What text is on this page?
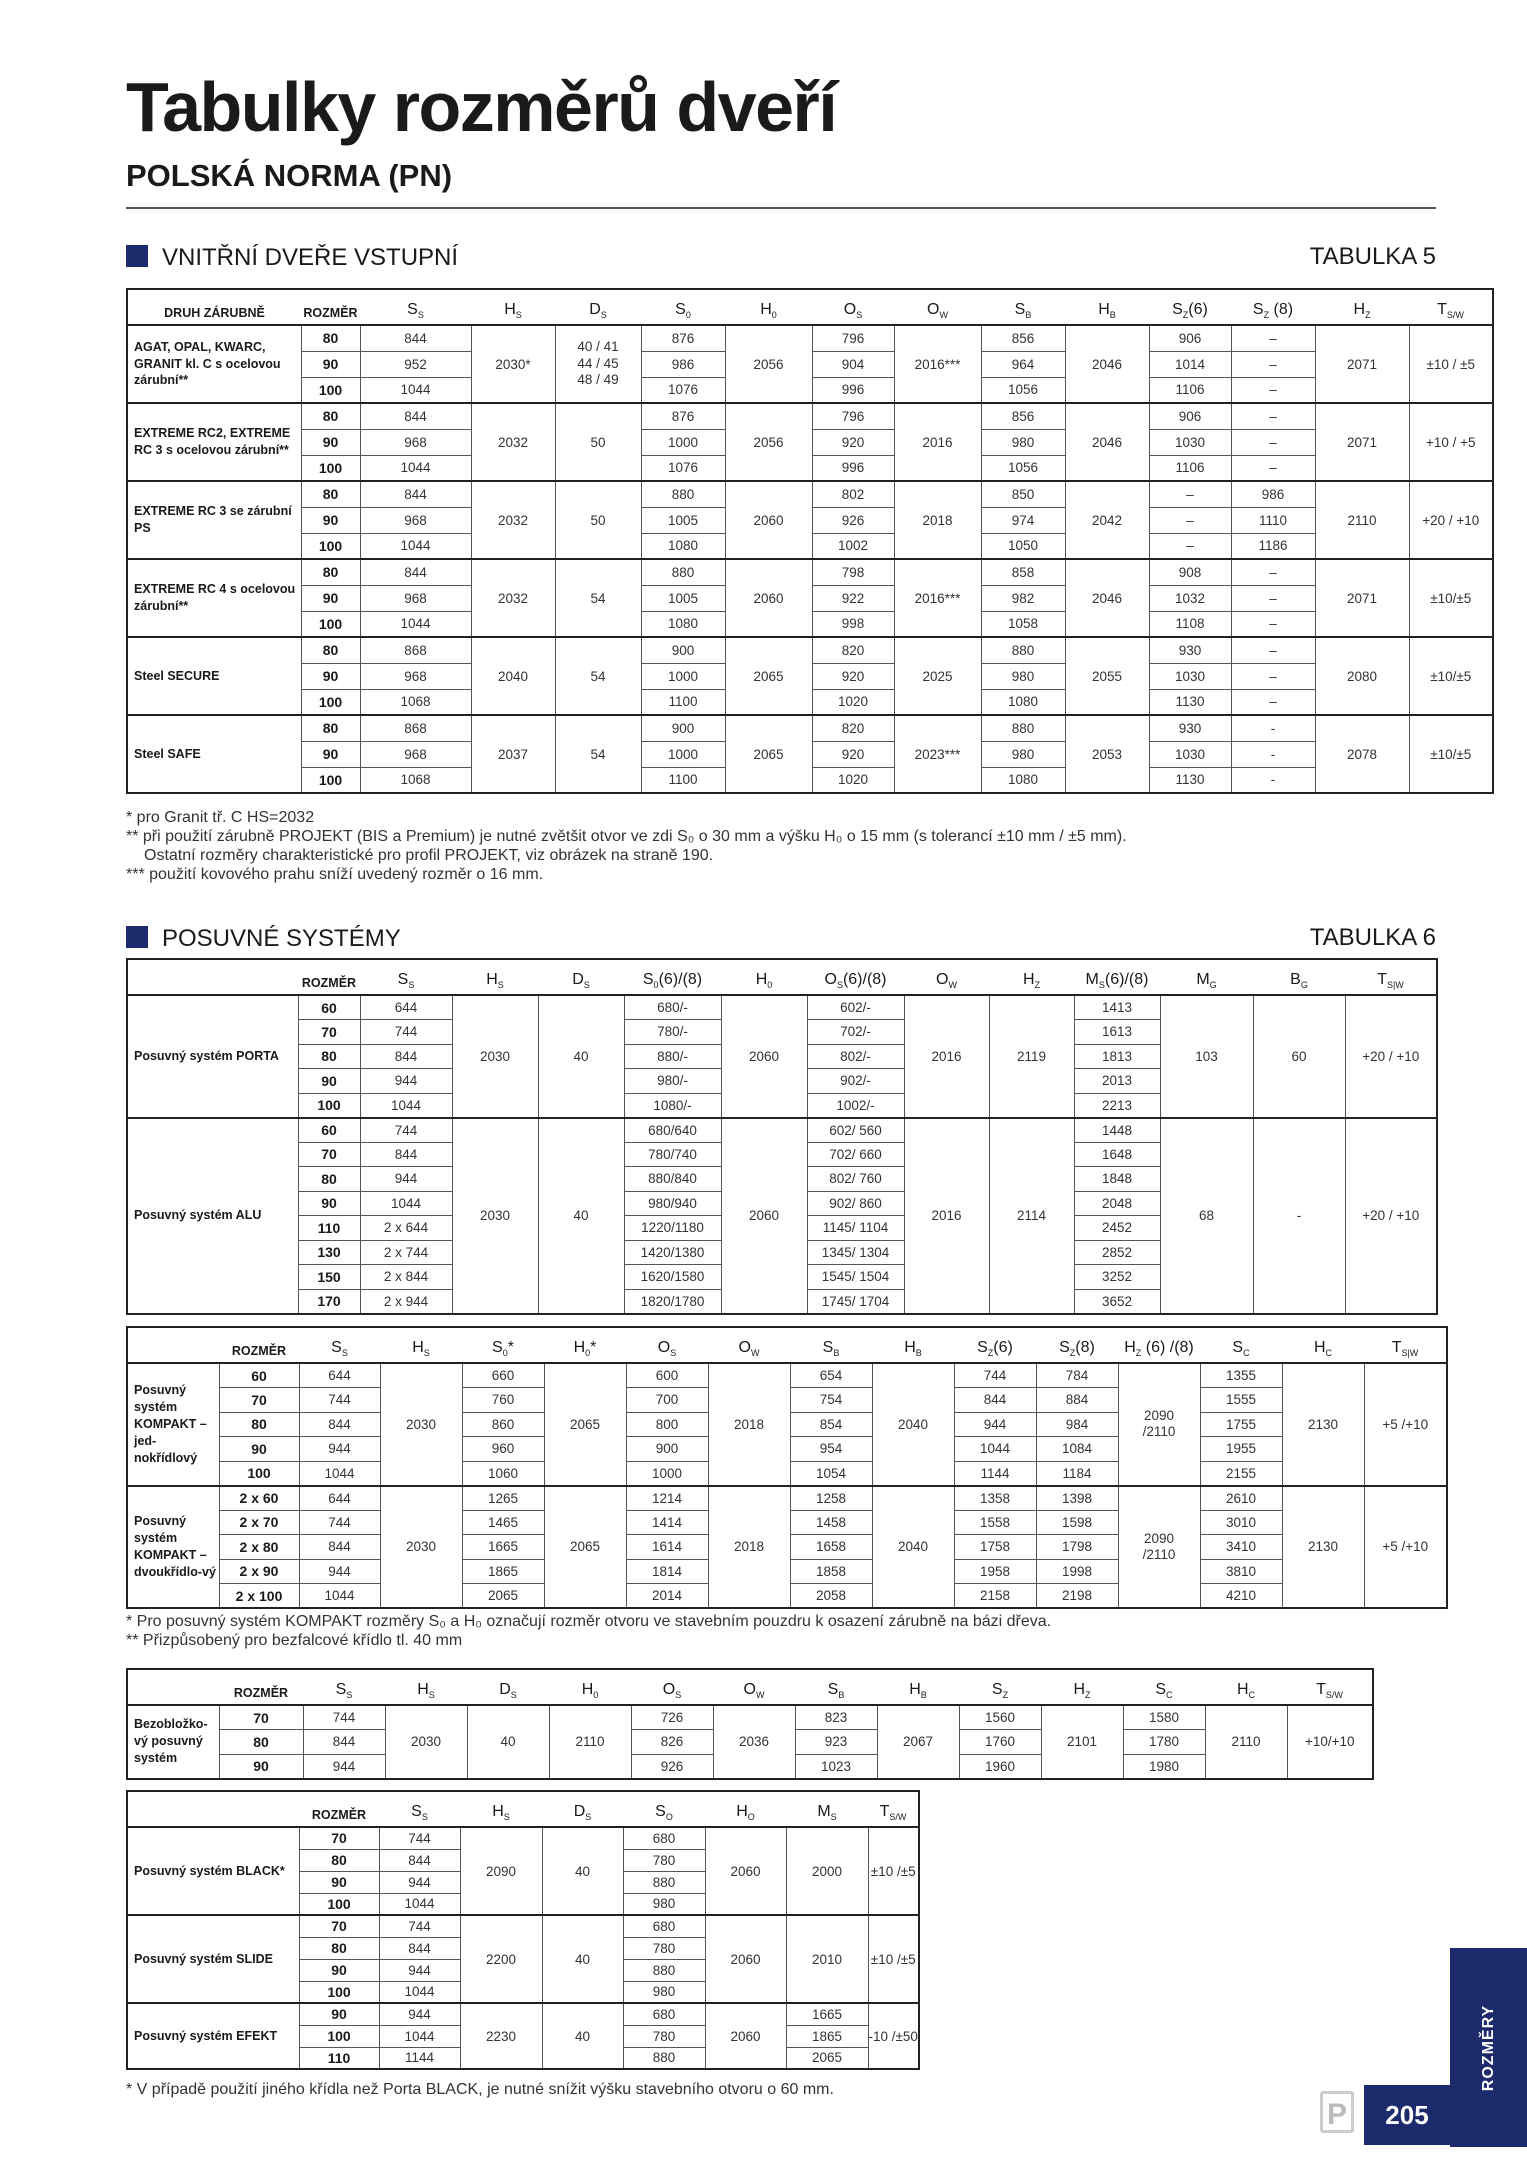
Tabulky rozměrů dveří
POLSKÁ NORMA (PN)
VNITŘNÍ DVEŘE VSTUPNÍ	TABULKA 5
DRUH ZÁRUBNĚ	ROZMĚR	$S_S$	$H_S$	$D_S$	$S_0$	$H_0$	$O_S$	$O_W$	$S_B$	$H_B$	$S_Z(6)$	$S_Z$ (8)	$H_Z$	$T_{S/W}$
AGAT, OPAL, KWARC, GRANIT kl. C s ocelovou zárubní**	80	844	2030*	40 / 41
44 / 45
48 / 49	876	2056	796	2016***	856	2046	906	–	2071	±10 / ±5
	90	952			986		904		964		1014	–		
	100	1044			1076		996		1056		1106	–		
EXTREME RC2, EXTREME RC 3 s ocelovou zárubní**	80	844	2032	50	876	2056	796	2016	856	2046	906	–	2071	+10 / +5
	90	968			1000		920		980		1030	–		
	100	1044			1076		996		1056		1106	–		
EXTREME RC 3 se zárubní PS	80	844	2032	50	880	2060	802	2018	850	2042	–	986	2110	+20 / +10
	90	968			1005		926		974		–	1110		
	100	1044			1080		1002		1050		–	1186		
EXTREME RC 4 s ocelovou zárubní**	80	844	2032	54	880	2060	798	2016***	858	2046	908	–	2071	±10/±5
	90	968			1005		922		982		1032	–		
	100	1044			1080		998		1058		1108	–		
Steel SECURE	80	868	2040	54	900	2065	820	2025	880	2055	930	–	2080	±10/±5
	90	968			1000		920		980		1030	–		
	100	1068			1100		1020		1080		1130	–		
Steel SAFE	80	868	2037	54	900	2065	820	2023***	880	2053	930	-	2078	±10/±5
	90	968			1000		920		980		1030	-		
	100	1068			1100		1020		1080		1130	-		
* pro Granit tř. C HS=2032
** při použití zárubně PROJEKT (BIS a Premium) je nutné zvětšit otvor ve zdi S₀ o 30 mm a výšku H₀ o 15 mm (s tolerancí ±10 mm / ±5 mm).
Ostatní rozměry charakteristické pro profil PROJEKT, viz obrázek na straně 190.
*** použití kovového prahu sníží uvedený rozměr o 16 mm.
POSUVNÉ SYSTÉMY	TABULKA 6
	ROZMĚR	$S_S$	$H_S$	$D_S$	$S_0(6)/(8)$	$H_0$	$O_S(6)/(8)$	$O_W$	$H_Z$	$M_S(6)/(8)$	$M_G$	$B_G$	$T_{S|W}$
Posuvný systém PORTA	60	644	2030	40	680/-	2060	602/-	2016	2119	1413	103	60	+20 / +10
	70	744			780/-		702/-			1613			
	80	844			880/-		802/-			1813			
	90	944			980/-		902/-			2013			
	100	1044			1080/-		1002/-			2213			
Posuvný systém ALU	60	744	2030	40	680/640	2060	602/ 560	2016	2114	1448	68	-	+20 / +10
	70	844			780/740		702/ 660			1648			
	80	944			880/840		802/ 760			1848			
	90	1044			980/940		902/ 860			2048			
	110	2 x 644			1220/1180		1145/ 1104			2452			
	130	2 x 744			1420/1380		1345/ 1304			2852			
	150	2 x 844			1620/1580		1545/ 1504			3252			
	170	2 x 944			1820/1780		1745/ 1704			3652			
	ROZMĚR	$S_S$	$H_S$	$S_0*$	$H_0*$	$O_S$	$O_W$	$S_B$	$H_B$	$S_Z(6)$	$S_Z(8)$	$H_Z$ (6) /(8)	$S_C$	$H_C$	$T_{S|W}$
Posuvný systém KOMPAKT – jed-nokřídlový	60	644	2030	660	2065	600	2018	654	2040	744	784	2090
/2110	1355	2130	+5 /+10
	70	744		760		700		754		844	884		1555		
	80	844		860		800		854		944	984		1755		
	90	944		960		900		954		1044	1084		1955		
	100	1044		1060		1000		1054		1144	1184		2155		
Posuvný systém KOMPAKT – dvoukřídlo-vý	2 x 60	644	2030	1265	2065	1214	2018	1258	2040	1358	1398	2090
/2110	2610	2130	+5 /+10
	2 x 70	744		1465		1414		1458		1558	1598		3010		
	2 x 80	844		1665		1614		1658		1758	1798		3410		
	2 x 90	944		1865		1814		1858		1958	1998		3810		
	2 x 100	1044		2065		2014		2058		2158	2198		4210		
* Pro posuvný systém KOMPAKT rozměry S₀ a H₀ označují rozměr otvoru ve stavebním pouzdru k osazení zárubně na bázi dřeva.
** Přizpůsobený pro bezfalcové křídlo tl. 40 mm
	ROZMĚR	$S_S$	$H_S$	$D_S$	$H_0$	$O_S$	$O_W$	$S_B$	$H_B$	$S_Z$	$H_Z$	$S_C$	$H_C$	$T_{S/W}$
Bezobložko-vý posuvný systém	70	744	2030	40	2110	726	2036	823	2067	1560	2101	1580	2110	+10/+10
	80	844				826		923		1760		1780		
	90	944				926		1023		1960		1980		
	ROZMĚR	$S_S$	$H_S$	$D_S$	$S_O$	$H_O$	$M_S$	$T_{S/W}$
Posuvný systém BLACK*	70	744	2090	40	680	2060	2000	±10 /±5
	80	844			780			
	90	944			880			
	100	1044			980			
Posuvný systém SLIDE	70	744	2200	40	680	2060	2010	±10 /±5
	80	844			780			
	90	944			880			
	100	1044			980			
Posuvný systém EFEKT	90	944	2230	40	680	2060	1665	-10 /±50
	100	1044			780		1865	
	110	1144			880		2065	
* V případě použití jiného křídla než Porta BLACK, je nutné snížit výšku stavebního otvoru o 60 mm.	ROZMĚRY
P	205
